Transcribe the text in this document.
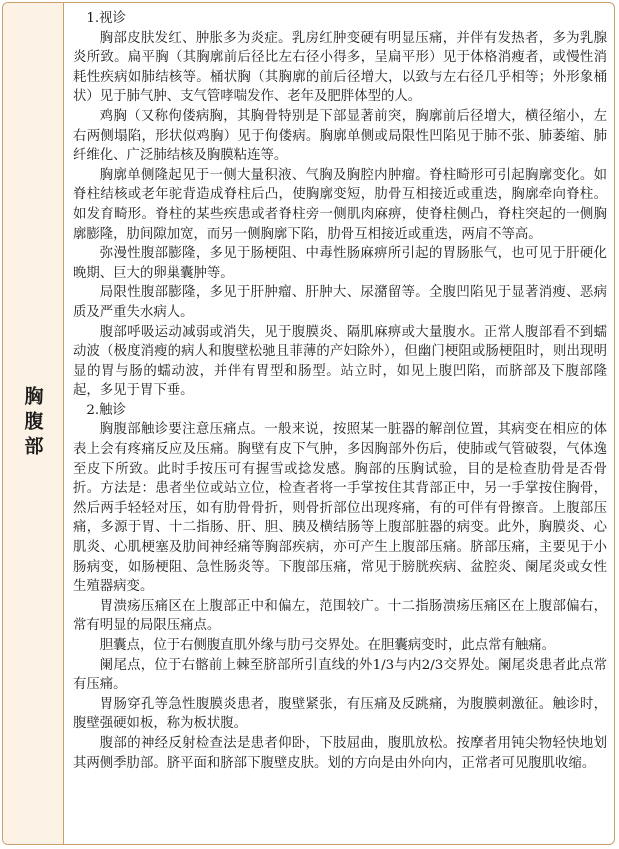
胸腹部

1.视诊

胸部皮肤发红、肿胀多为炎症。乳房红肿变硬有明显压痛，并伴有发热者，多为乳腺炎所致。扁平胸（其胸廓前后径比左右径小得多，呈扁平形）见于体格消瘦者，或慢性消耗性疾病如肺结核等。桶状胸（其胸廓的前后径增大，以致与左右径几乎相等；外形象桶状）见于肺气肿、支气管哮喘发作、老年及肥胖体型的人。

鸡胸（又称佝偻病胸，其胸骨特别是下部显著前突，胸廓前后径增大，横径缩小，左右两侧塌陷，形状似鸡胸）见于佝偻病。胸廓单侧或局限性凹陷见于肺不张、肺萎缩、肺纤维化、广泛肺结核及胸膜粘连等。

胸廓单侧隆起见于一侧大量积液、气胸及胸腔内肿瘤。脊柱畸形可引起胸廓变化。如脊柱结核或老年驼背造成脊柱后凸，使胸廓变短，肋骨互相接近或重迭，胸廓牵向脊柱。如发育畸形。脊柱的某些疾患或者脊柱旁一侧肌肉麻痹，使脊柱侧凸，脊柱突起的一侧胸廓膨隆，肋间隙加宽，而另一侧胸廓下陷，肋骨互相接近或重迭，两肩不等高。

弥漫性腹部膨隆，多见于肠梗阻、中毒性肠麻痹所引起的胃肠胀气，也可见于肝硬化晚期、巨大的卵巢囊肿等。

局限性腹部膨隆，多见于肝肿瘤、肝肿大、尿潴留等。全腹凹陷见于显著消瘦、恶病质及严重失水病人。

腹部呼吸运动减弱或消失，见于腹膜炎、隔肌麻痹或大量腹水。正常人腹部看不到蠕动波（极度消瘦的病人和腹壁松驰且菲薄的产妇除外），但幽门梗阻或肠梗阻时，则出现明显的胃与肠的蠕动波，并伴有胃型和肠型。站立时，如见上腹凹陷，而脐部及下腹部隆起，多见于胃下垂。

2.触诊

胸腹部触诊要注意压痛点。一般来说，按照某一脏器的解剖位置，其病变在相应的体表上会有疼痛反应及压痛。胸壁有皮下气肿，多因胸部外伤后，使肺或气管破裂，气体逸至皮下所致。此时手按压可有握雪或捻发感。胸部的压胸试验，目的是检查肋骨是否骨折。方法是：患者坐位或站立位，检查者将一手掌按住其背部正中，另一手掌按住胸骨，然后两手轻轻对压，如有肋骨骨折，则骨折部位出现疼痛，有的可伴有骨擦音。上腹部压痛，多源于胃、十二指肠、肝、胆、胰及横结肠等上腹部脏器的病变。此外，胸膜炎、心肌炎、心肌梗塞及肋间神经痛等胸部疾病，亦可产生上腹部压痛。脐部压痛，主要见于小肠病变，如肠梗阻、急性肠炎等。下腹部压痛，常见于膀胱疾病、盆腔炎、阑尾炎或女性生殖器病变。

胃溃疡压痛区在上腹部正中和偏左，范围较广。十二指肠溃疡压痛区在上腹部偏右，常有明显的局限压痛点。

胆囊点，位于右侧腹直肌外缘与肋弓交界处。在胆囊病变时，此点常有触痛。

阑尾点，位于右髂前上棘至脐部所引直线的外1/3与内2/3交界处。阑尾炎患者此点常有压痛。

胃肠穿孔等急性腹膜炎患者，腹壁紧张，有压痛及反跳痛，为腹膜刺激征。触诊时，腹壁强硬如板，称为板状腹。

腹部的神经反射检查法是患者仰卧，下肢屈曲，腹肌放松。按摩者用钝尖物轻快地划其两侧季肋部。脐平面和脐部下腹壁皮肤。划的方向是由外向内，正常者可见腹肌收缩。
